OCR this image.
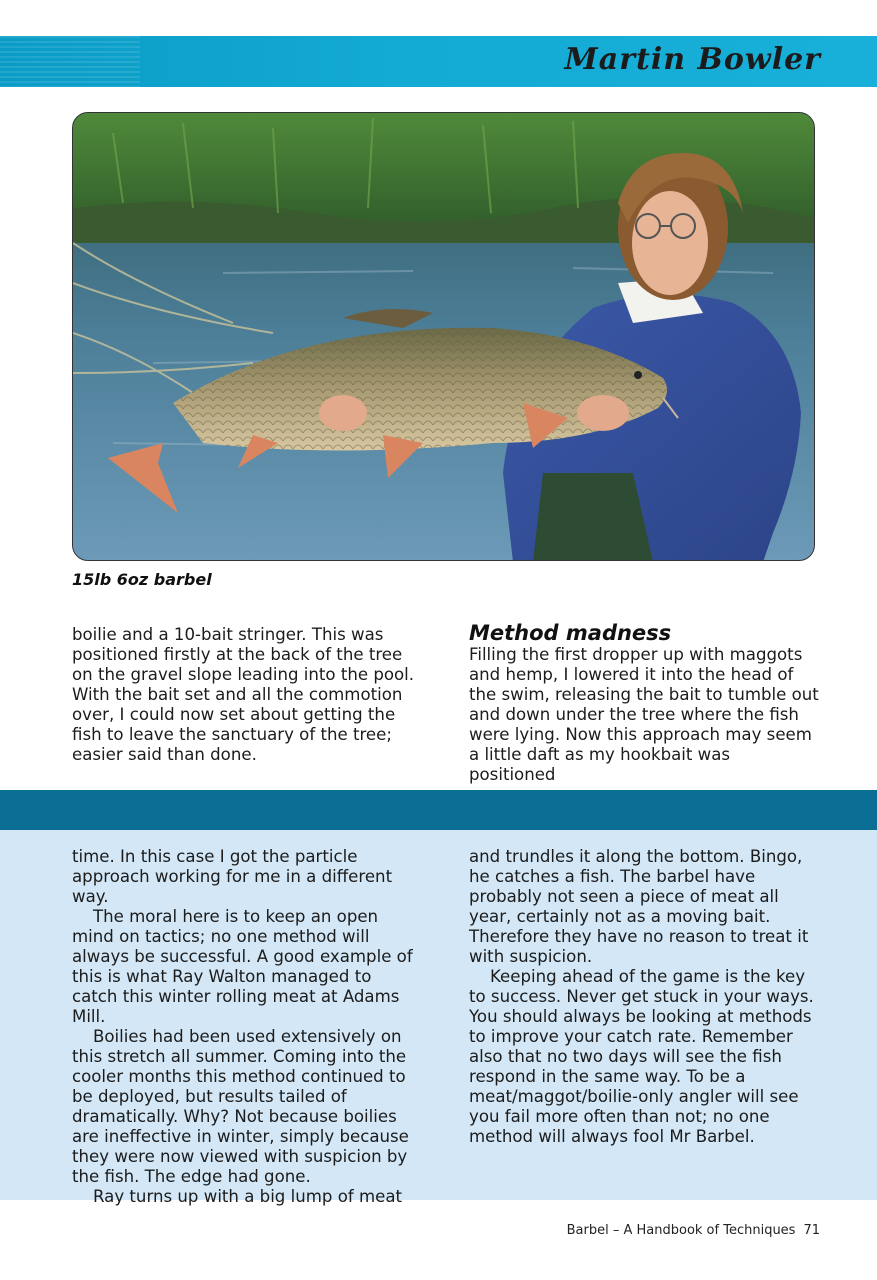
Martin Bowler
15lb 6oz barbel

boilie and a 10-bait stringer. This was positioned firstly at the back of the tree on the gravel slope leading into the pool. With the bait set and all the commotion over, I could now set about getting the fish to leave the sanctuary of the tree; easier said than done.

Method madness

Filling the first dropper up with maggots and hemp, I lowered it into the head of the swim, releasing the bait to tumble out and down under the tree where the fish were lying. Now this approach may seem a little daft as my hookbait was positioned

time. In this case I got the particle approach working for me in a different way.

The moral here is to keep an open mind on tactics; no one method will always be successful. A good example of this is what Ray Walton managed to catch this winter rolling meat at Adams Mill.

Boilies had been used extensively on this stretch all summer. Coming into the cooler months this method continued to be deployed, but results tailed of dramatically. Why? Not because boilies are ineffective in winter, simply because they were now viewed with suspicion by the fish. The edge had gone.

Ray turns up with a big lump of meat

and trundles it along the bottom. Bingo, he catches a fish. The barbel have probably not seen a piece of meat all year, certainly not as a moving bait. Therefore they have no reason to treat it with suspicion.

Keeping ahead of the game is the key to success. Never get stuck in your ways. You should always be looking at methods to improve your catch rate. Remember also that no two days will see the fish respond in the same way. To be a meat/maggot/boilie-only angler will see you fail more often than not; no one method will always fool Mr Barbel.

Barbel – A Handbook of Techniques 71
